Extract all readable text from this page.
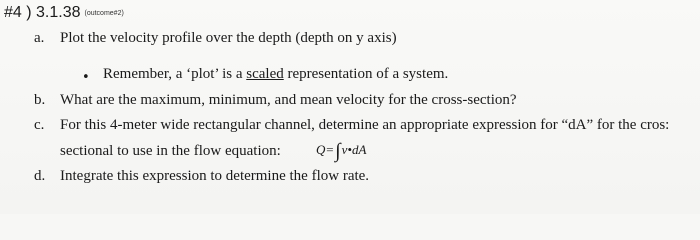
#4 ) 3.1.38 (outcome#2)
a. Plot the velocity profile over the depth (depth on y axis)
• Remember, a ‘plot’ is a scaled representation of a system.
b. What are the maximum, minimum, and mean velocity for the cross-section?
c. For this 4-meter wide rectangular channel, determine an appropriate expression for “dA” for the cros:
sectional to use in the flow equation:	Q=∫v•dA
d. Integrate this expression to determine the flow rate.
